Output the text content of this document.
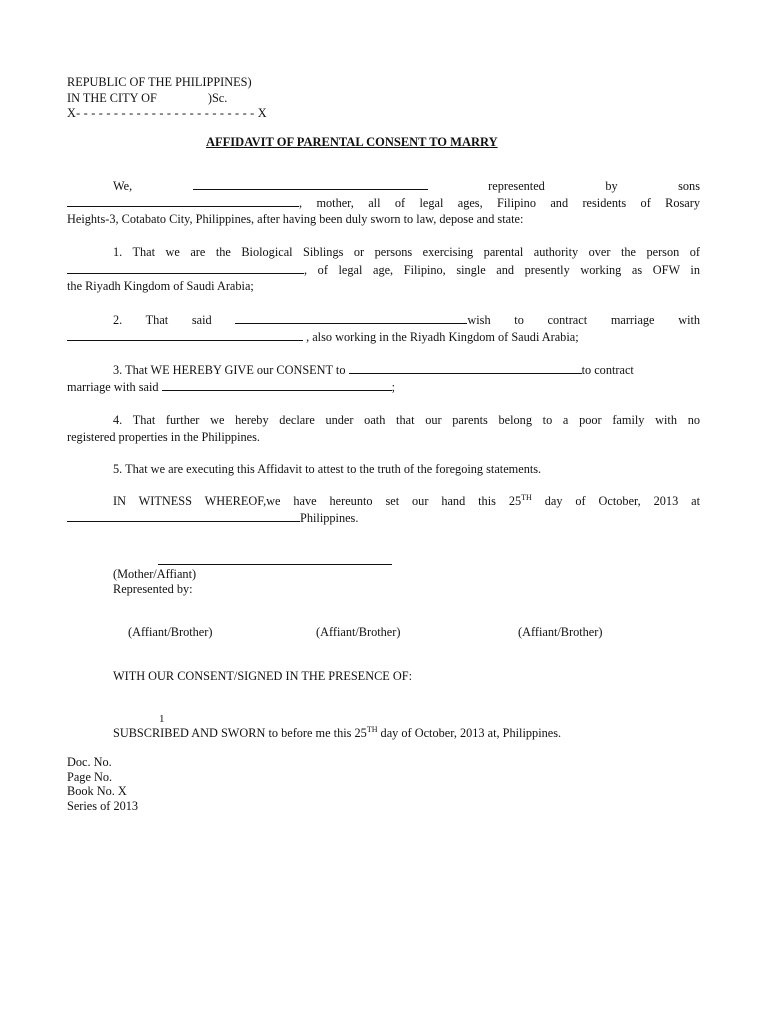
REPUBLIC OF THE PHILIPPINES)
IN THE CITY OF	)Sc.
X- - - - - - - - - - - - - - - - - - - - - - - - X
AFFIDAVIT OF PARENTAL CONSENT TO MARRY
We,	represented	by	sons
, mother, all of legal ages, Filipino and residents of Rosary
Heights-3, Cotabato City, Philippines, after having been duly sworn to law, depose and state:
1. That we are the Biological Siblings or persons exercising parental authority over the person of
, of legal age, Filipino, single and presently working as OFW in
the Riyadh Kingdom of Saudi Arabia;
2. That said	wish to contract marriage with
, also working in the Riyadh Kingdom of Saudi Arabia;
3. That WE HEREBY GIVE our CONSENT to	to contract
marriage with said	;
4. That further we hereby declare under oath that our parents belong to a poor family with no
registered properties in the Philippines.
5. That we are executing this Affidavit to attest to the truth of the foregoing statements.
IN WITNESS WHEREOF,we have hereunto set our hand this 25TH day of October, 2013 at
Philippines.
(Mother/Affiant)
Represented by:
(Affiant/Brother)	(Affiant/Brother)	(Affiant/Brother)
WITH OUR CONSENT/SIGNED IN THE PRESENCE OF:
1
SUBSCRIBED AND SWORN to before me this 25TH day of October, 2013 at, Philippines.
Doc. No.
Page No.
Book No. X
Series of 2013
